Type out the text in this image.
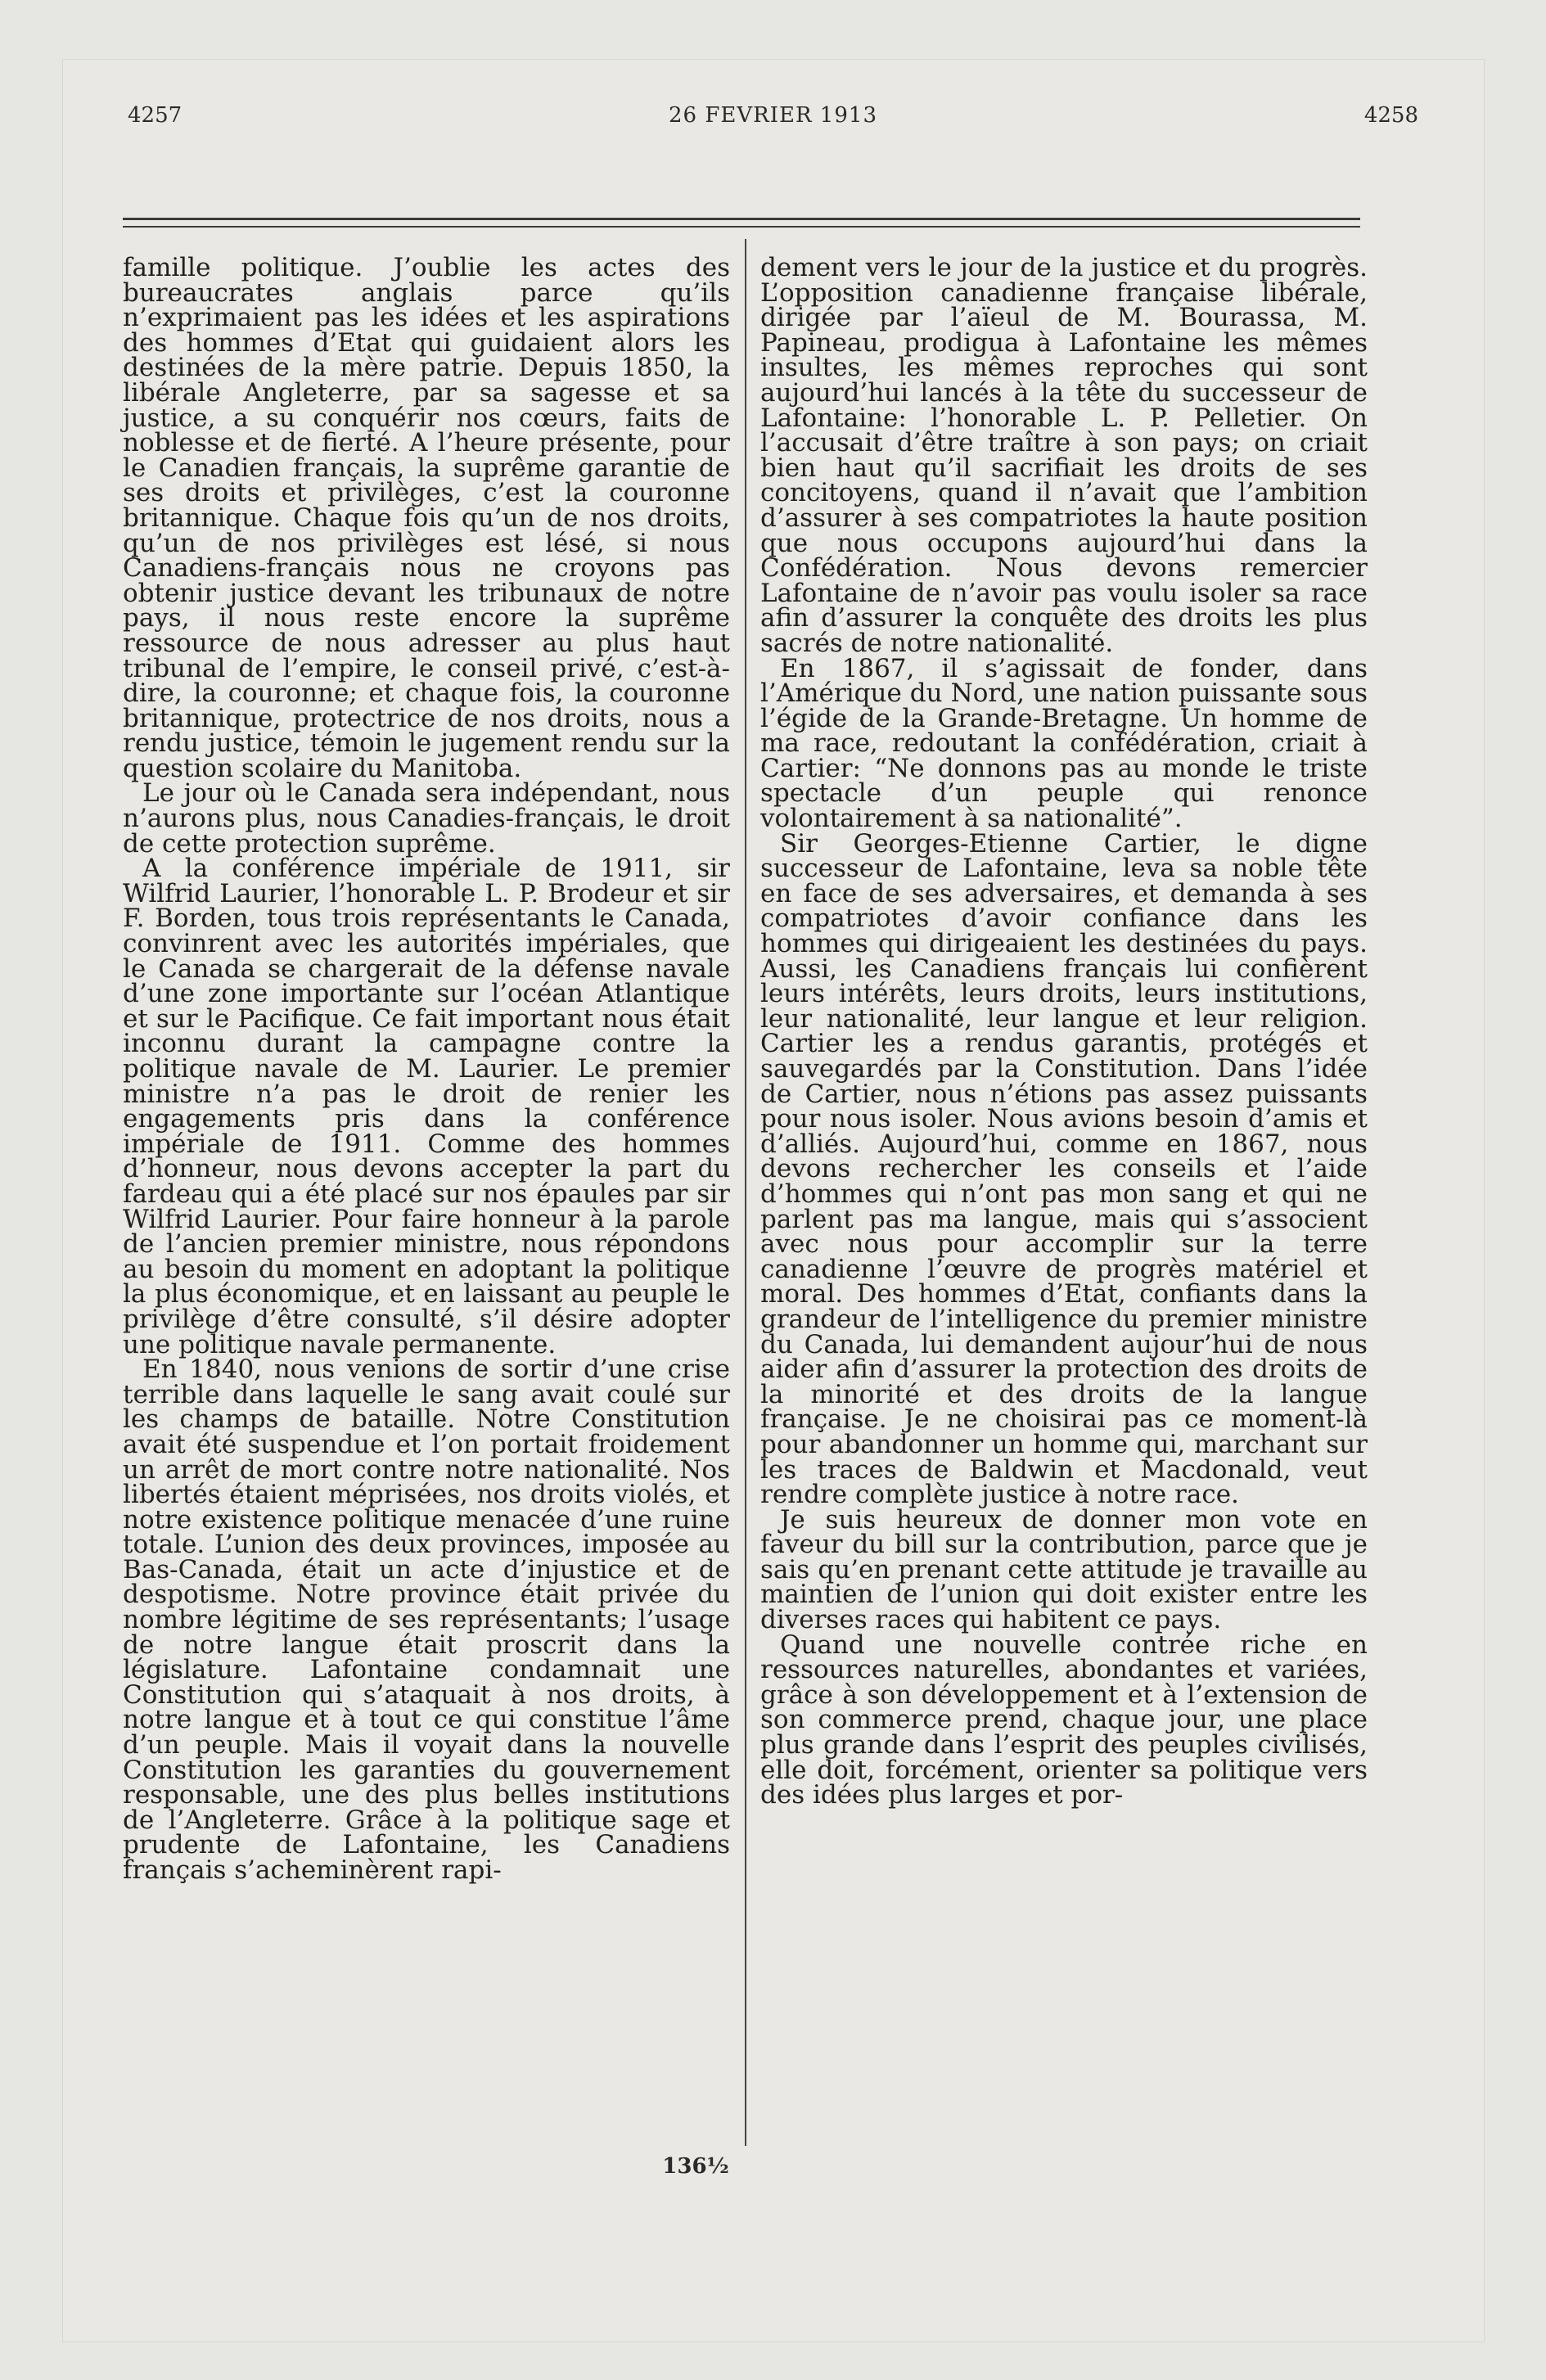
4257	26 FEVRIER 1913	4258

famille politique. J’oublie les actes des bureaucrates anglais parce qu’ils n’exprimaient pas les idées et les aspirations des hommes d’Etat qui guidaient alors les destinées de la mère patrie. Depuis 1850, la libérale Angleterre, par sa sagesse et sa justice, a su conquérir nos cœurs, faits de noblesse et de fierté. A l’heure présente, pour le Canadien français, la suprême garantie de ses droits et privilèges, c’est la couronne britannique. Chaque fois qu’un de nos droits, qu’un de nos privilèges est lésé, si nous Canadiens-français nous ne croyons pas obtenir justice devant les tribunaux de notre pays, il nous reste encore la suprême ressource de nous adresser au plus haut tribunal de l’empire, le conseil privé, c’est-à-dire, la couronne; et chaque fois, la couronne britannique, protectrice de nos droits, nous a rendu justice, témoin le jugement rendu sur la question scolaire du Manitoba.

Le jour où le Canada sera indépendant, nous n’aurons plus, nous Canadies-français, le droit de cette protection suprême.

A la conférence impériale de 1911, sir Wilfrid Laurier, l’honorable L. P. Brodeur et sir F. Borden, tous trois représentants le Canada, convinrent avec les autorités impériales, que le Canada se chargerait de la défense navale d’une zone importante sur l’océan Atlantique et sur le Pacifique. Ce fait important nous était inconnu durant la campagne contre la politique navale de M. Laurier. Le premier ministre n’a pas le droit de renier les engagements pris dans la conférence impériale de 1911. Comme des hommes d’honneur, nous devons accepter la part du fardeau qui a été placé sur nos épaules par sir Wilfrid Laurier. Pour faire honneur à la parole de l’ancien premier ministre, nous répondons au besoin du moment en adoptant la politique la plus économique, et en laissant au peuple le privilège d’être consulté, s’il désire adopter une politique navale permanente.

En 1840, nous venions de sortir d’une crise terrible dans laquelle le sang avait coulé sur les champs de bataille. Notre Constitution avait été suspendue et l’on portait froidement un arrêt de mort contre notre nationalité. Nos libertés étaient méprisées, nos droits violés, et notre existence politique menacée d’une ruine totale. L’union des deux provinces, imposée au Bas-Canada, était un acte d’injustice et de despotisme. Notre province était privée du nombre légitime de ses représentants; l’usage de notre langue était proscrit dans la législature. Lafontaine condamnait une Constitution qui s’ataquait à nos droits, à notre langue et à tout ce qui constitue l’âme d’un peuple. Mais il voyait dans la nouvelle Constitution les garanties du gouvernement responsable, une des plus belles institutions de l’Angleterre. Grâce à la politique sage et prudente de Lafontaine, les Canadiens français s’acheminèrent rapi-

dement vers le jour de la justice et du progrès. L’opposition canadienne française libérale, dirigée par l’aïeul de M. Bourassa, M. Papineau, prodigua à Lafontaine les mêmes insultes, les mêmes reproches qui sont aujourd’hui lancés à la tête du successeur de Lafontaine: l’honorable L. P. Pelletier. On l’accusait d’être traître à son pays; on criait bien haut qu’il sacrifiait les droits de ses concitoyens, quand il n’avait que l’ambition d’assurer à ses compatriotes la haute position que nous occupons aujourd’hui dans la Confédération. Nous devons remercier Lafontaine de n’avoir pas voulu isoler sa race afin d’assurer la conquête des droits les plus sacrés de notre nationalité.

En 1867, il s’agissait de fonder, dans l’Amérique du Nord, une nation puissante sous l’égide de la Grande-Bretagne. Un homme de ma race, redoutant la confédération, criait à Cartier: “Ne donnons pas au monde le triste spectacle d’un peuple qui renonce volontairement à sa nationalité”.

Sir Georges-Etienne Cartier, le digne successeur de Lafontaine, leva sa noble tête en face de ses adversaires, et demanda à ses compatriotes d’avoir confiance dans les hommes qui dirigeaient les destinées du pays. Aussi, les Canadiens français lui confièrent leurs intérêts, leurs droits, leurs institutions, leur nationalité, leur langue et leur religion. Cartier les a rendus garantis, protégés et sauvegardés par la Constitution. Dans l’idée de Cartier, nous n’étions pas assez puissants pour nous isoler. Nous avions besoin d’amis et d’alliés. Aujourd’hui, comme en 1867, nous devons rechercher les conseils et l’aide d’hommes qui n’ont pas mon sang et qui ne parlent pas ma langue, mais qui s’associent avec nous pour accomplir sur la terre canadienne l’œuvre de progrès matériel et moral. Des hommes d’Etat, confiants dans la grandeur de l’intelligence du premier ministre du Canada, lui demandent aujour’hui de nous aider afin d’assurer la protection des droits de la minorité et des droits de la langue française. Je ne choisirai pas ce moment-là pour abandonner un homme qui, marchant sur les traces de Baldwin et Macdonald, veut rendre complète justice à notre race.

Je suis heureux de donner mon vote en faveur du bill sur la contribution, parce que je sais qu’en prenant cette attitude je travaille au maintien de l’union qui doit exister entre les diverses races qui habitent ce pays.

Quand une nouvelle contrée riche en ressources naturelles, abondantes et variées, grâce à son développement et à l’extension de son commerce prend, chaque jour, une place plus grande dans l’esprit des peuples civilisés, elle doit, forcément, orienter sa politique vers des idées plus larges et por-

136½
